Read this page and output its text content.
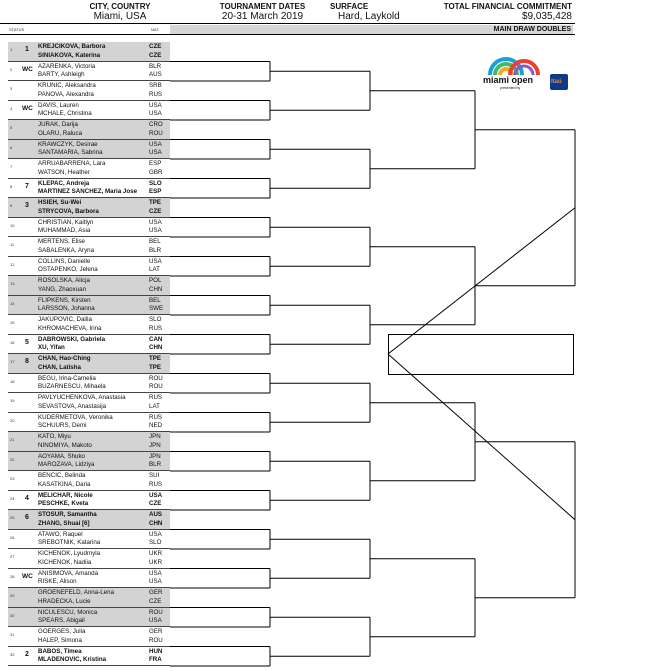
CITY, COUNTRY
Miami, USA
TOURNAMENT DATES
20-31 March 2019
SURFACE
Hard, Laykold
TOTAL FINANCIAL COMMITMENT
$9,035,428
STATUS	NAT.	MAIN DRAW DOUBLES
miami open
presented by
Itaú
1 1 KREJCIKOVA, Barbora	CZE
SINIAKOVA, Katerina	CZE
2 WC AZARENKA, Victoria	BLR
BARTY, Ashleigh	AUS
3	KRUNIC, Aleksandra	SRB
PANOVA, Alexandra	RUS
4 WC DAVIS, Lauren	USA
MCHALE, Christina	USA
5	JURAK, Darija	CRO
OLARU, Raluca	ROU
6	KRAWCZYK, Desirae	USA
SANTAMARIA, Sabrina	USA
7	ARRUABARRENA, Lara	ESP
WATSON, Heather	GBR
8 7 KLEPAC, Andreja	SLO
MARTINEZ SANCHEZ, Maria Jose ESP
9 3 HSIEH, Su-Wei	TPE
STRYCOVA, Barbora	CZE
10	CHRISTIAN, Kaitlyn	USA
MUHAMMAD, Asia	USA
11	MERTENS, Elise	BEL
SABALENKA, Aryna	BLR
12	COLLINS, Danielle	USA
OSTAPENKO, Jelena	LAT
13	ROSOLSKA, Alicja	POL
YANG, Zhaoxuan	CHN
14	FLIPKENS, Kirsten	BEL
LARSSON, Johanna	SWE
15	JAKUPOVIC, Dalila	SLO
KHROMACHEVA, Irina	RUS
16 5 DABROWSKI, Gabriela	CAN
XU, Yifan	CHN
17 8 CHAN, Hao-Ching	TPE
CHAN, Latisha	TPE
18	BEGU, Irina-Camelia	ROU
BUZARNESCU, Mihaela	ROU
19	PAVLYUCHENKOVA, Anastasia	RUS
SEVASTOVA, Anastasija	LAT
20	KUDERMETOVA, Veronika	RUS
SCHUURS, Demi	NED
21	KATO, Miyu	JPN
NINOMIYA, Makoto	JPN
22	AOYAMA, Shuko	JPN
MAROZAVA, Lidziya	BLR
23	BENCIC, Belinda	SUI
KASATKINA, Daria	RUS
24 4 MELICHAR, Nicole	USA
PESCHKE, Kveta	CZE
25 6 STOSUR, Samantha	AUS
ZHANG, Shuai [6]	CHN
26	ATAWO, Raquel	USA
SREBOTNIK, Katarina	SLO
27	KICHENOK, Lyudmyla	UKR
KICHENOK, Nadiia	UKR
28 WC ANISIMOVA, Amanda	USA
RISKE, Alison	USA
29	GROENEFELD, Anna-Lena	GER
HRADECKA, Lucie	CZE
30	NICULESCU, Monica	ROU
SPEARS, Abigail	USA
31	GOERGES, Julia	GER
HALEP, Simona	ROU
32 2 BABOS, Timea	HUN
MLADENOVIC, Kristina	FRA
